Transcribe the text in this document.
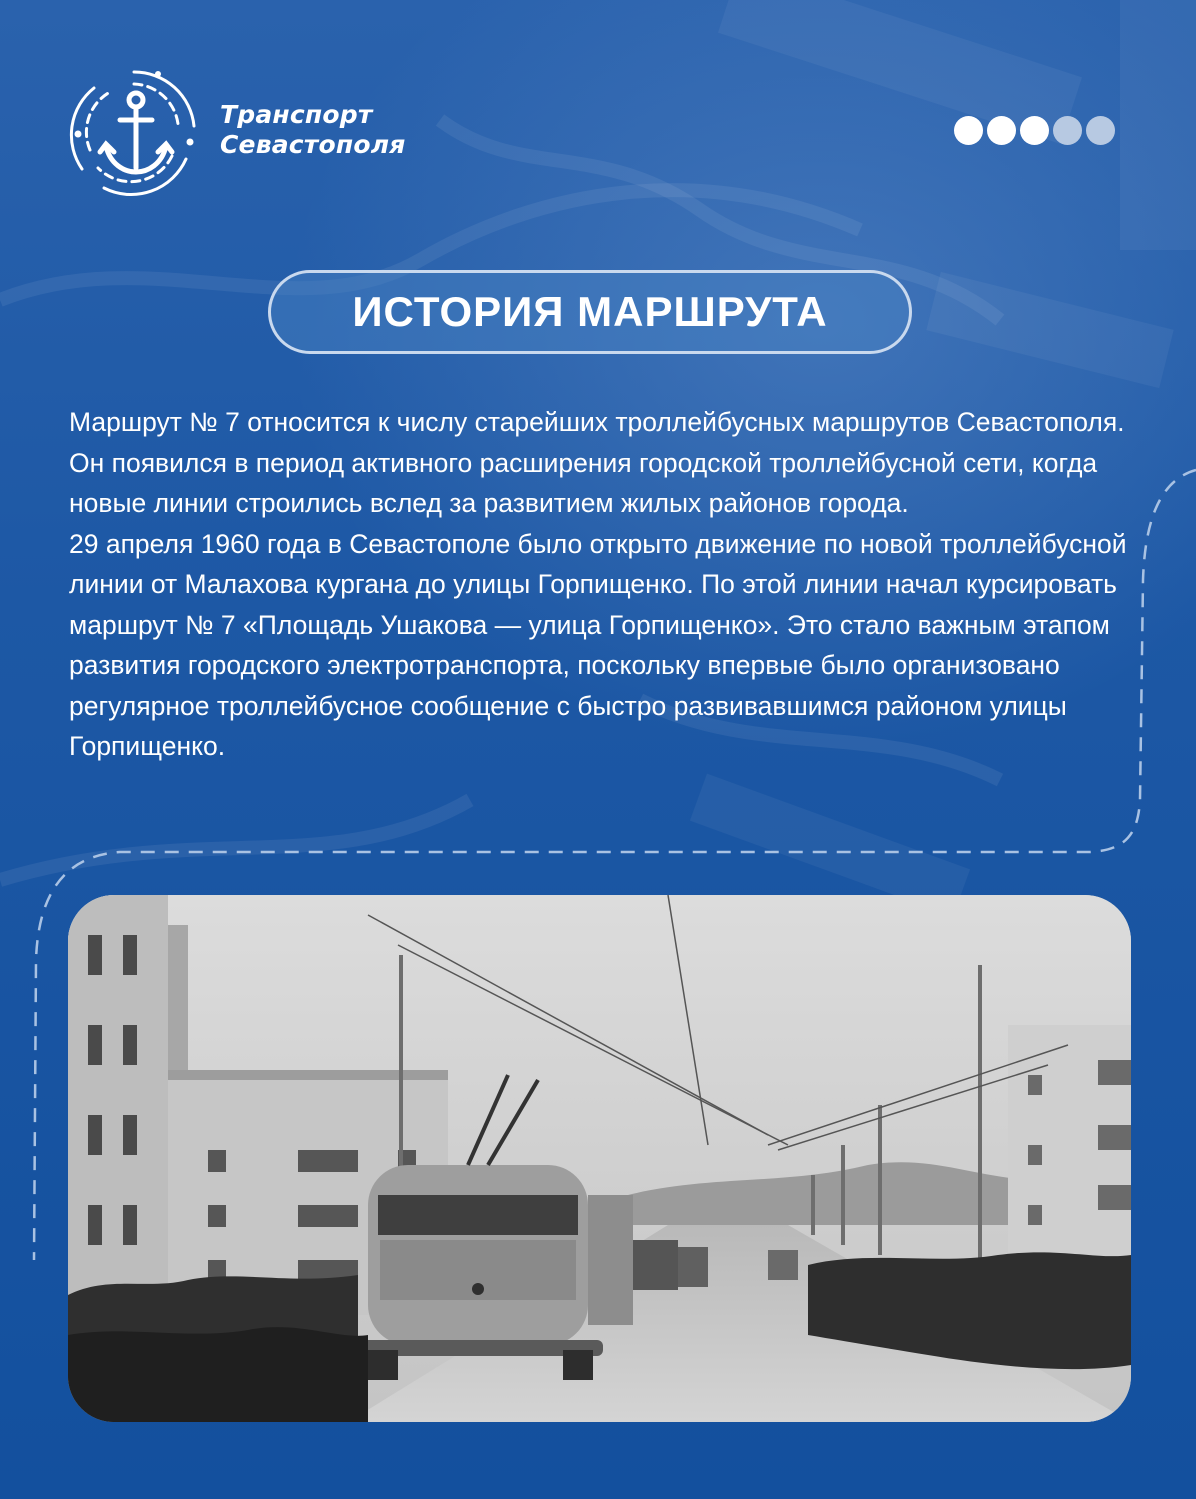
Транспорт
Севастополя
ИСТОРИЯ МАРШРУТА

Маршрут № 7 относится к числу старейших троллейбусных маршрутов Севастополя. Он появился в период активного расширения городской троллейбусной сети, когда новые линии строились вслед за развитием жилых районов города.

29 апреля 1960 года в Севастополе было открыто движение по новой троллейбусной линии от Малахова кургана до улицы Горпищенко. По этой линии начал курсировать маршрут № 7 «Площадь Ушакова — улица Горпищенко». Это стало важным этапом развития городского электротранспорта, поскольку впервые было организовано регулярное троллейбусное сообщение с быстро развивавшимся районом улицы Горпищенко.
